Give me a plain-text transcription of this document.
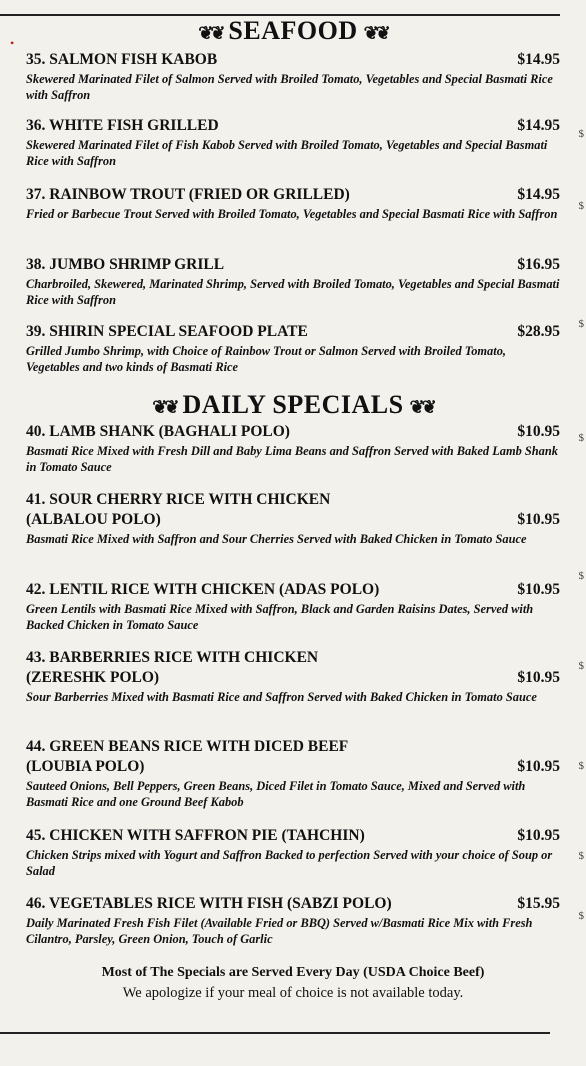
•
❦❦ SEAFOOD ❦❦
35. SALMON FISH KABOB	$14.95
Skewered Marinated Filet of Salmon Served with Broiled Tomato, Vegetables and Special Basmati Rice with Saffron
36. WHITE FISH GRILLED	$14.95
Skewered Marinated Filet of Fish Kabob Served with Broiled Tomato, Vegetables and Special Basmati Rice with Saffron
37. RAINBOW TROUT (FRIED OR GRILLED)	$14.95
Fried or Barbecue Trout Served with Broiled Tomato, Vegetables and Special Basmati Rice with Saffron
38. JUMBO SHRIMP GRILL	$16.95
Charbroiled, Skewered, Marinated Shrimp, Served with Broiled Tomato, Vegetables and Special Basmati Rice with Saffron
39. SHIRIN SPECIAL SEAFOOD PLATE	$28.95
Grilled Jumbo Shrimp, with Choice of Rainbow Trout or Salmon Served with Broiled Tomato, Vegetables and two kinds of Basmati Rice
❦❦ DAILY SPECIALS ❦❦
40. LAMB SHANK (BAGHALI POLO)	$10.95
Basmati Rice Mixed with Fresh Dill and Baby Lima Beans and Saffron Served with Baked Lamb Shank in Tomato Sauce
41. SOUR CHERRY RICE WITH CHICKEN
(ALBALOU POLO)	$10.95
Basmati Rice Mixed with Saffron and Sour Cherries Served with Baked Chicken in Tomato Sauce
42. LENTIL RICE WITH CHICKEN (ADAS POLO)	$10.95
Green Lentils with Basmati Rice Mixed with Saffron, Black and Garden Raisins Dates, Served with Backed Chicken in Tomato Sauce
43. BARBERRIES RICE WITH CHICKEN
(ZERESHK POLO)	$10.95
Sour Barberries Mixed with Basmati Rice and Saffron Served with Baked Chicken in Tomato Sauce
44. GREEN BEANS RICE WITH DICED BEEF
(LOUBIA POLO)	$10.95
Sauteed Onions, Bell Peppers, Green Beans, Diced Filet in Tomato Sauce, Mixed and Served with Basmati Rice and one Ground Beef Kabob
45. CHICKEN WITH SAFFRON PIE (TAHCHIN)	$10.95
Chicken Strips mixed with Yogurt and Saffron Backed to perfection Served with your choice of Soup or Salad
46. VEGETABLES RICE WITH FISH (SABZI POLO)	$15.95
Daily Marinated Fresh Fish Filet (Available Fried or BBQ) Served w/Basmati Rice Mix with Fresh Cilantro, Parsley, Green Onion, Touch of Garlic
Most of The Specials are Served Every Day (USDA Choice Beef)
We apologize if your meal of choice is not available today.
$
$
$
$
$
$
$
$
$
